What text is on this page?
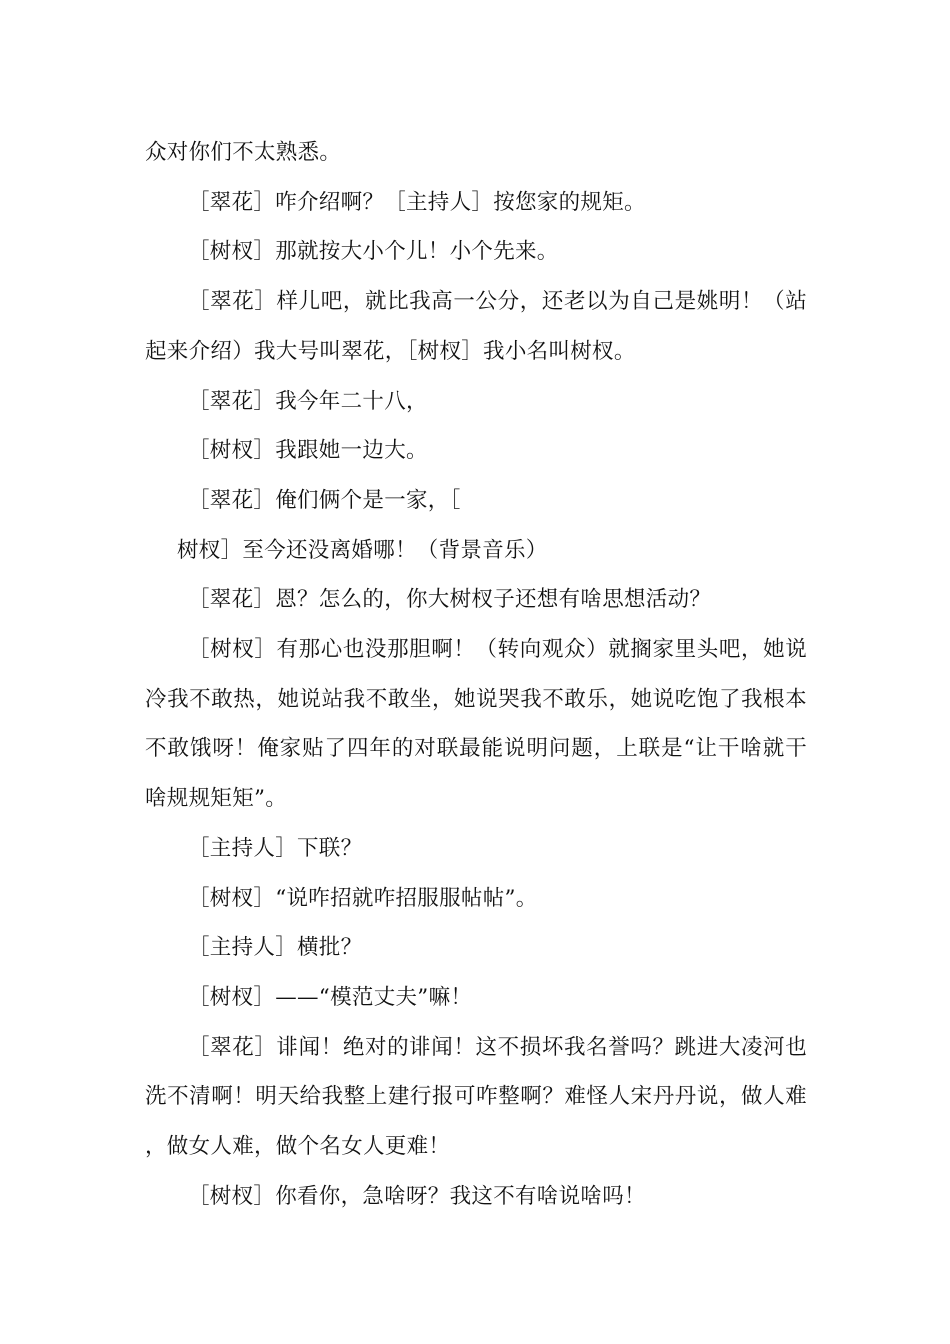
众对你们不太熟悉。

［翠花］咋介绍啊？［主持人］按您家的规矩。

［树杈］那就按大小个儿！小个先来。

［翠花］样儿吧，就比我高一公分，还老以为自己是姚明！（站起来介绍）我大号叫翠花，［树杈］我小名叫树杈。

［翠花］我今年二十八，

［树杈］我跟她一边大。

［翠花］俺们俩个是一家，［

树杈］至今还没离婚哪！（背景音乐）

［翠花］恩？怎么的，你大树杈子还想有啥思想活动？

［树杈］有那心也没那胆啊！（转向观众）就搁家里头吧，她说冷我不敢热，她说站我不敢坐，她说哭我不敢乐，她说吃饱了我根本不敢饿呀！俺家贴了四年的对联最能说明问题，上联是“让干啥就干啥规规矩矩”。

［主持人］下联？

［树杈］“说咋招就咋招服服帖帖”。

［主持人］横批？

［树杈］——“模范丈夫”嘛！

［翠花］诽闻！绝对的诽闻！这不损坏我名誉吗？跳进大凌河也洗不清啊！明天给我整上建行报可咋整啊？难怪人宋丹丹说，做人难，做女人难，做个名女人更难！

［树杈］你看你，急啥呀？我这不有啥说啥吗！
